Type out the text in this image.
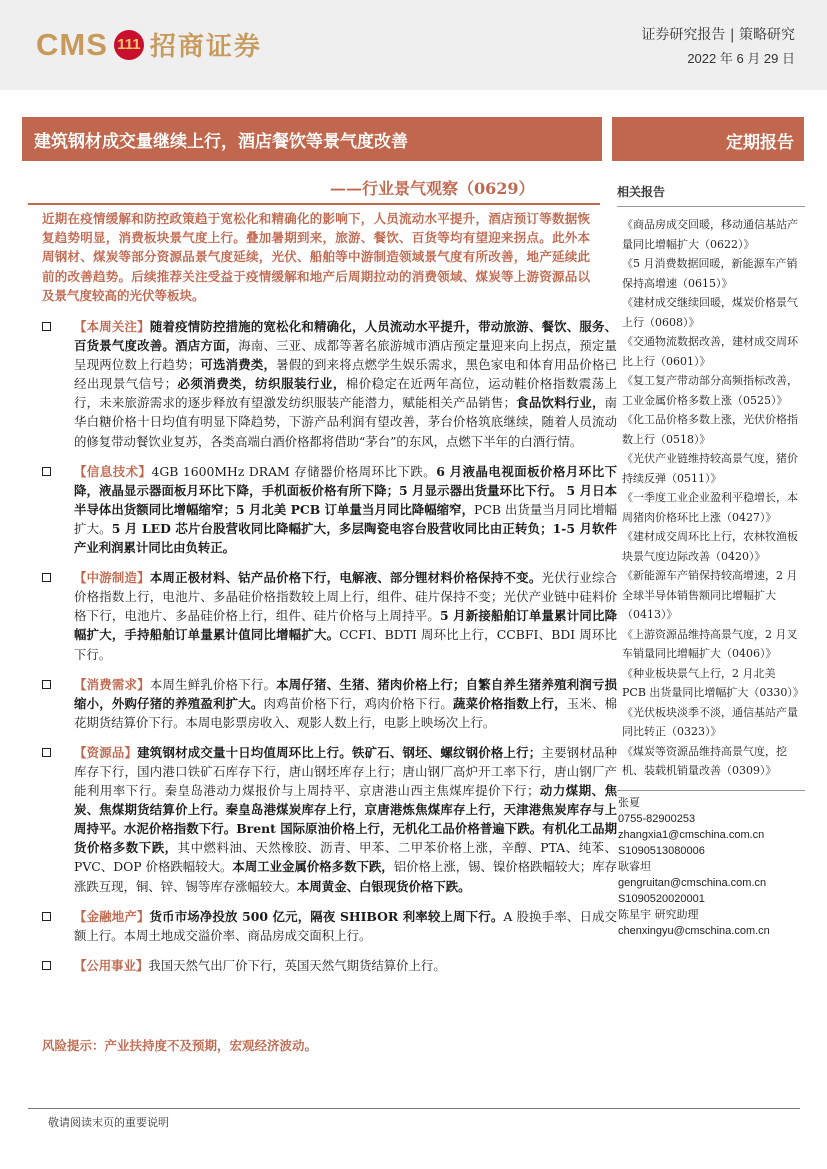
CMS 111 招商证券	证券研究报告 | 策略研究
2022 年 6 月 29 日
建筑钢材成交量继续上行，酒店餐饮等景气度改善	定期报告
——行业景气观察（0629）
近期在疫情缓解和防控政策趋于宽松化和精确化的影响下，人员流动水平提升，酒店预订等数据恢复趋势明显，消费板块景气度上行。叠加暑期到来，旅游、餐饮、百货等均有望迎来拐点。此外本周钢材、煤炭等部分资源品景气度延续，光伏、船舶等中游制造领域景气度有所改善，地产延续此前的改善趋势。后续推荐关注受益于疫情缓解和地产后周期拉动的消费领域、煤炭等上游资源品以及景气度较高的光伏等板块。
【本周关注】随着疫情防控措施的宽松化和精确化，人员流动水平提升，带动旅游、餐饮、服务、百货景气度改善。酒店方面，海南、三亚、成都等著名旅游城市酒店预定量迎来向上拐点，预定量呈现两位数上行趋势；可选消费类，暑假的到来将点燃学生娱乐需求，黑色家电和体育用品价格已经出现景气信号；必须消费类，纺织服装行业，棉价稳定在近两年高位，运动鞋价格指数震荡上行，未来旅游需求的逐步释放有望激发纺织服装产能潜力，赋能相关产品销售；食品饮料行业，南华白糖价格十日均值有明显下降趋势，下游产品利润有望改善，茅台价格筑底继续，随着人员流动的修复带动餐饮业复苏，各类高端白酒价格都将借助“茅台”的东风，点燃下半年的白酒行情。
【信息技术】4GB 1600MHz DRAM 存储器价格周环比下跌。6 月液晶电视面板价格月环比下降，液晶显示器面板月环比下降，手机面板价格有所下降；5 月显示器出货量环比下行。 5 月日本半导体出货额同比增幅缩窄；5 月北美 PCB 订单量当月同比降幅缩窄，PCB 出货量当月同比增幅扩大。5 月 LED 芯片台股营收同比降幅扩大，多层陶瓷电容台股营收同比由正转负；1-5 月软件产业利润累计同比由负转正。
【中游制造】本周正极材料、钴产品价格下行，电解液、部分锂材料价格保持不变。光伏行业综合价格指数上行，电池片、多晶硅价格指数较上周上行，组件、硅片保持不变；光伏产业链中硅料价格下行，电池片、多晶硅价格上行，组件、硅片价格与上周持平。5 月新接船舶订单量累计同比降幅扩大，手持船舶订单量累计值同比增幅扩大。CCFI、BDTI 周环比上行，CCBFI、BDI 周环比下行。
【消费需求】本周生鲜乳价格下行。本周仔猪、生猪、猪肉价格上行；自繁自养生猪养殖利润亏损缩小，外购仔猪的养殖盈利扩大。肉鸡苗价格下行，鸡肉价格下行。蔬菜价格指数上行，玉米、棉花期货结算价下行。本周电影票房收入、观影人数上行，电影上映场次上行。
【资源品】建筑钢材成交量十日均值周环比上行。铁矿石、钢坯、螺纹钢价格上行；主要钢材品种库存下行，国内港口铁矿石库存下行，唐山钢坯库存上行；唐山钢厂高炉开工率下行，唐山钢厂产能利用率下行。秦皇岛港动力煤报价与上周持平、京唐港山西主焦煤库提价下行；动力煤期、焦炭、焦煤期货结算价上行。秦皇岛港煤炭库存上行，京唐港炼焦煤库存上行，天津港焦炭库存与上周持平。水泥价格指数下行。Brent 国际原油价格上行，无机化工品价格普遍下跌。有机化工品期货价格多数下跌，其中燃料油、天然橡胶、沥青、甲苯、二甲苯价格上涨，辛醇、PTA、纯苯、PVC、DOP 价格跌幅较大。本周工业金属价格多数下跌，铝价格上涨，锡、镍价格跌幅较大；库存涨跌互现，铜、锌、锡等库存涨幅较大。本周黄金、白银现货价格下跌。
【金融地产】货币市场净投放 500 亿元，隔夜 SHIBOR 利率较上周下行。A 股换手率、日成交额上行。本周土地成交溢价率、商品房成交面积上行。
【公用事业】我国天然气出厂价下行，英国天然气期货结算价上行。
风险提示：产业扶持度不及预期，宏观经济波动。
相关报告
《商品房成交回暖，移动通信基站产量同比增幅扩大（0622）》
《5 月消费数据回暖，新能源车产销保持高增速（0615）》
《建材成交继续回暖，煤炭价格景气上行（0608）》
《交通物流数据改善，建材成交周环比上行（0601）》
《复工复产带动部分高频指标改善，工业金属价格多数上涨（0525）》
《化工品价格多数上涨，光伏价格指数上行（0518）》
《光伏产业链维持较高景气度，猪价持续反弹（0511）》
《一季度工业企业盈利平稳增长，本周猪肉价格环比上涨（0427）》
《建材成交周环比上行，农林牧渔板块景气度边际改善（0420）》
《新能源车产销保持较高增速，2 月全球半导体销售额同比增幅扩大（0413）》
《上游资源品维持高景气度，2 月叉车销量同比增幅扩大（0406）》
《种业板块景气上行，2 月北美 PCB 出货量同比增幅扩大（0330）》
《光伏板块淡季不淡，通信基站产量同比转正（0323）》
《煤炭等资源品维持高景气度，挖机、装载机销量改善（0309）》
张夏
0755-82900253
zhangxia1@cmschina.com.cn
S1090513080006
耿睿坦
gengruitan@cmschina.com.cn
S1090520020001
陈星宇 研究助理
chenxingyu@cmschina.com.cn
敬请阅读末页的重要说明
